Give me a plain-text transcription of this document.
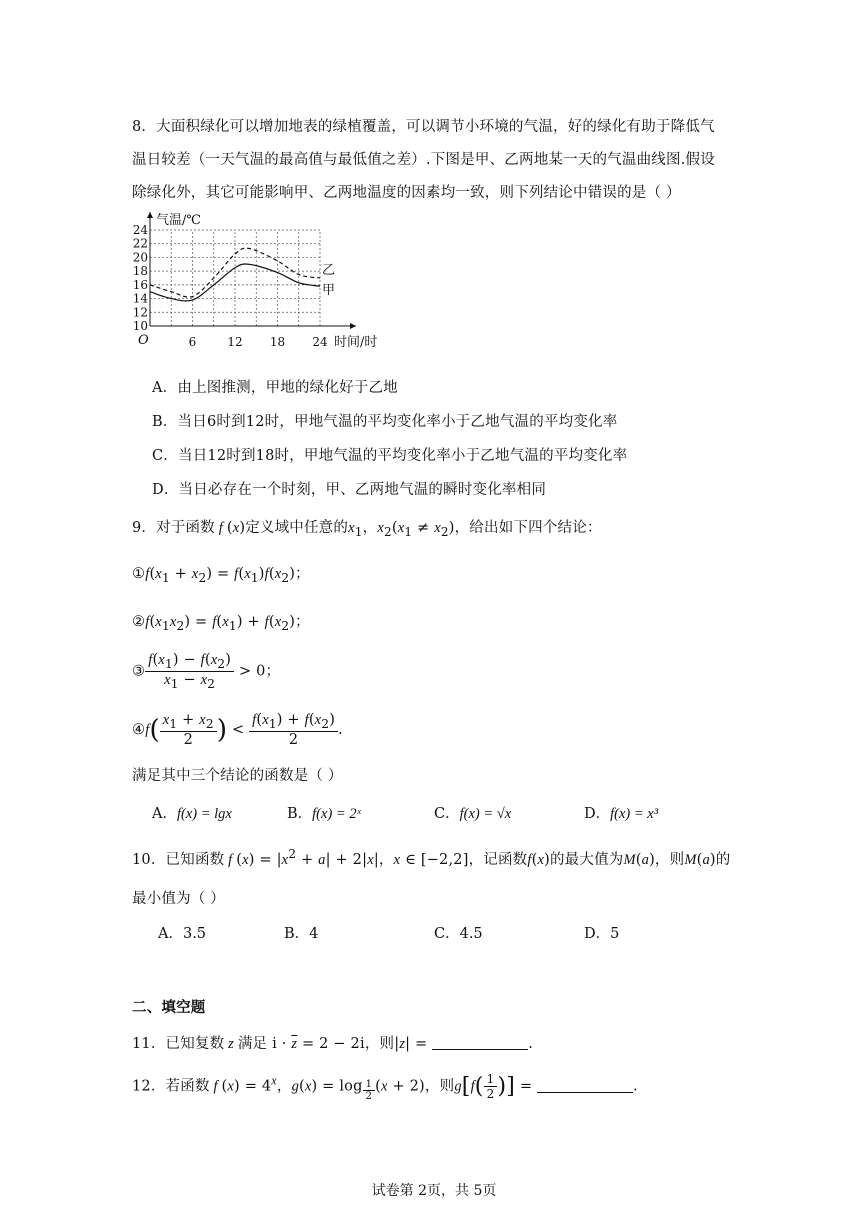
8．大面积绿化可以增加地表的绿植覆盖，可以调节小环境的气温，好的绿化有助于降低气
温日较差（一天气温的最高值与最低值之差）.下图是甲、乙两地某一天的气温曲线图.假设
除绿化外，其它可能影响甲、乙两地温度的因素均一致，则下列结论中错误的是（ ）
10
12
14
16
18
20
22
24
6	12 18 24
O
气温/℃
时间/时
乙
甲
A．由上图推测，甲地的绿化好于乙地
B．当日6时到12时，甲地气温的平均变化率小于乙地气温的平均变化率
C．当日12时到18时，甲地气温的平均变化率小于乙地气温的平均变化率
D．当日必存在一个时刻，甲、乙两地气温的瞬时变化率相同
9．对于函数 f (x)定义域中任意的$x_1$，$x_2(x_1 \ne x_2)$，给出如下四个结论：
$①f(x_1 + x_2) = f(x_1)f(x_2)$；
$②f(x_1x_2) = f(x_1) + f(x_2)$；
③ $\frac{f(x_1) - f(x_2)}{x_1 - x_2} > 0$；
④f( $\frac{x_1 + x_2}{2}$ ) < $\frac{f(x_1) + f(x_2)}{2}$ .
满足其中三个结论的函数是（ ）
A．f(x) = lgx	B．f(x) = 2ˣ	C．f(x) = √x	D．f(x) = x³
10．已知函数 f $(x) = |x^2 + a| + 2|x|$，x ∈ [−2,2]，记函数f(x)的最大值为M(a)，则M(a)的
最小值为（ ）
A．3.5	B．4	C．4.5	D．5
二、填空题
11．已知复数 z 满足 $i \cdot \overline{z} = 2 - 2i$，则|z| =	.
12．若函数 f $(x) = 4^x$，g(x) = log $_{\frac{1}{2}}$ (x + 2)，则$g[f( \frac{1}{2}$ )] =	.
试卷第 2页，共 5页
